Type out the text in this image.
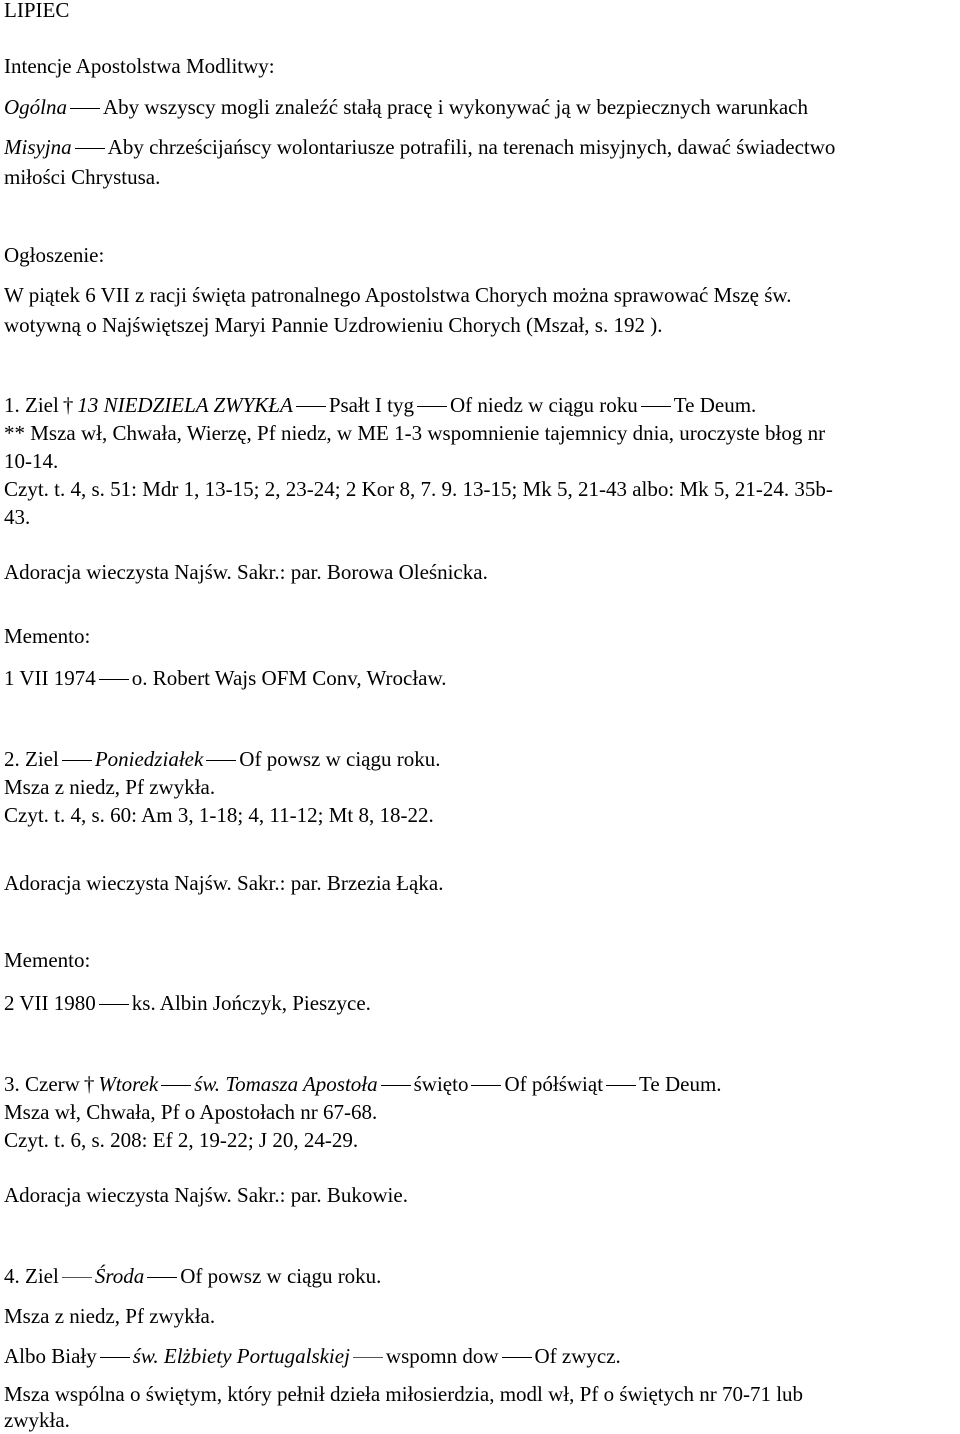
LIPIEC
Intencje Apostolstwa Modlitwy:
Ogólna Aby wszyscy mogli znaleźć stałą pracę i wykonywać ją w bezpiecznych warunkach
Misyjna Aby chrześcijańscy wolontariusze potrafili, na terenach misyjnych, dawać świadectwo
miłości Chrystusa.
Ogłoszenie:
W piątek 6 VII z racji święta patronalnego Apostolstwa Chorych można sprawować Mszę św.
wotywną o Najświętszej Maryi Pannie Uzdrowieniu Chorych (Mszał, s. 192 ).
1. Ziel † 13 NIEDZIELA ZWYKŁA Psałt I tyg Of niedz w ciągu roku Te Deum.
** Msza wł, Chwała, Wierzę, Pf niedz, w ME 1-3 wspomnienie tajemnicy dnia, uroczyste błog nr
10-14.
Czyt. t. 4, s. 51: Mdr 1, 13-15; 2, 23-24; 2 Kor 8, 7. 9. 13-15; Mk 5, 21-43 albo: Mk 5, 21-24. 35b-
43.
Adoracja wieczysta Najśw. Sakr.: par. Borowa Oleśnicka.
Memento:
1 VII 1974 o. Robert Wajs OFM Conv, Wrocław.
2. Ziel Poniedziałek Of powsz w ciągu roku.
Msza z niedz, Pf zwykła.
Czyt. t. 4, s. 60: Am 3, 1-18; 4, 11-12; Mt 8, 18-22.
Adoracja wieczysta Najśw. Sakr.: par. Brzezia Łąka.
Memento:
2 VII 1980 ks. Albin Jończyk, Pieszyce.
3. Czerw † Wtorek św. Tomasza Apostoła święto Of półświąt Te Deum.
Msza wł, Chwała, Pf o Apostołach nr 67-68.
Czyt. t. 6, s. 208: Ef 2, 19-22; J 20, 24-29.
Adoracja wieczysta Najśw. Sakr.: par. Bukowie.
4. Ziel Środa Of powsz w ciągu roku.
Msza z niedz, Pf zwykła.
Albo Biały św. Elżbiety Portugalskiej wspomn dow Of zwycz.
Msza wspólna o świętym, który pełnił dzieła miłosierdzia, modl wł, Pf o świętych nr 70-71 lub
zwykła.
